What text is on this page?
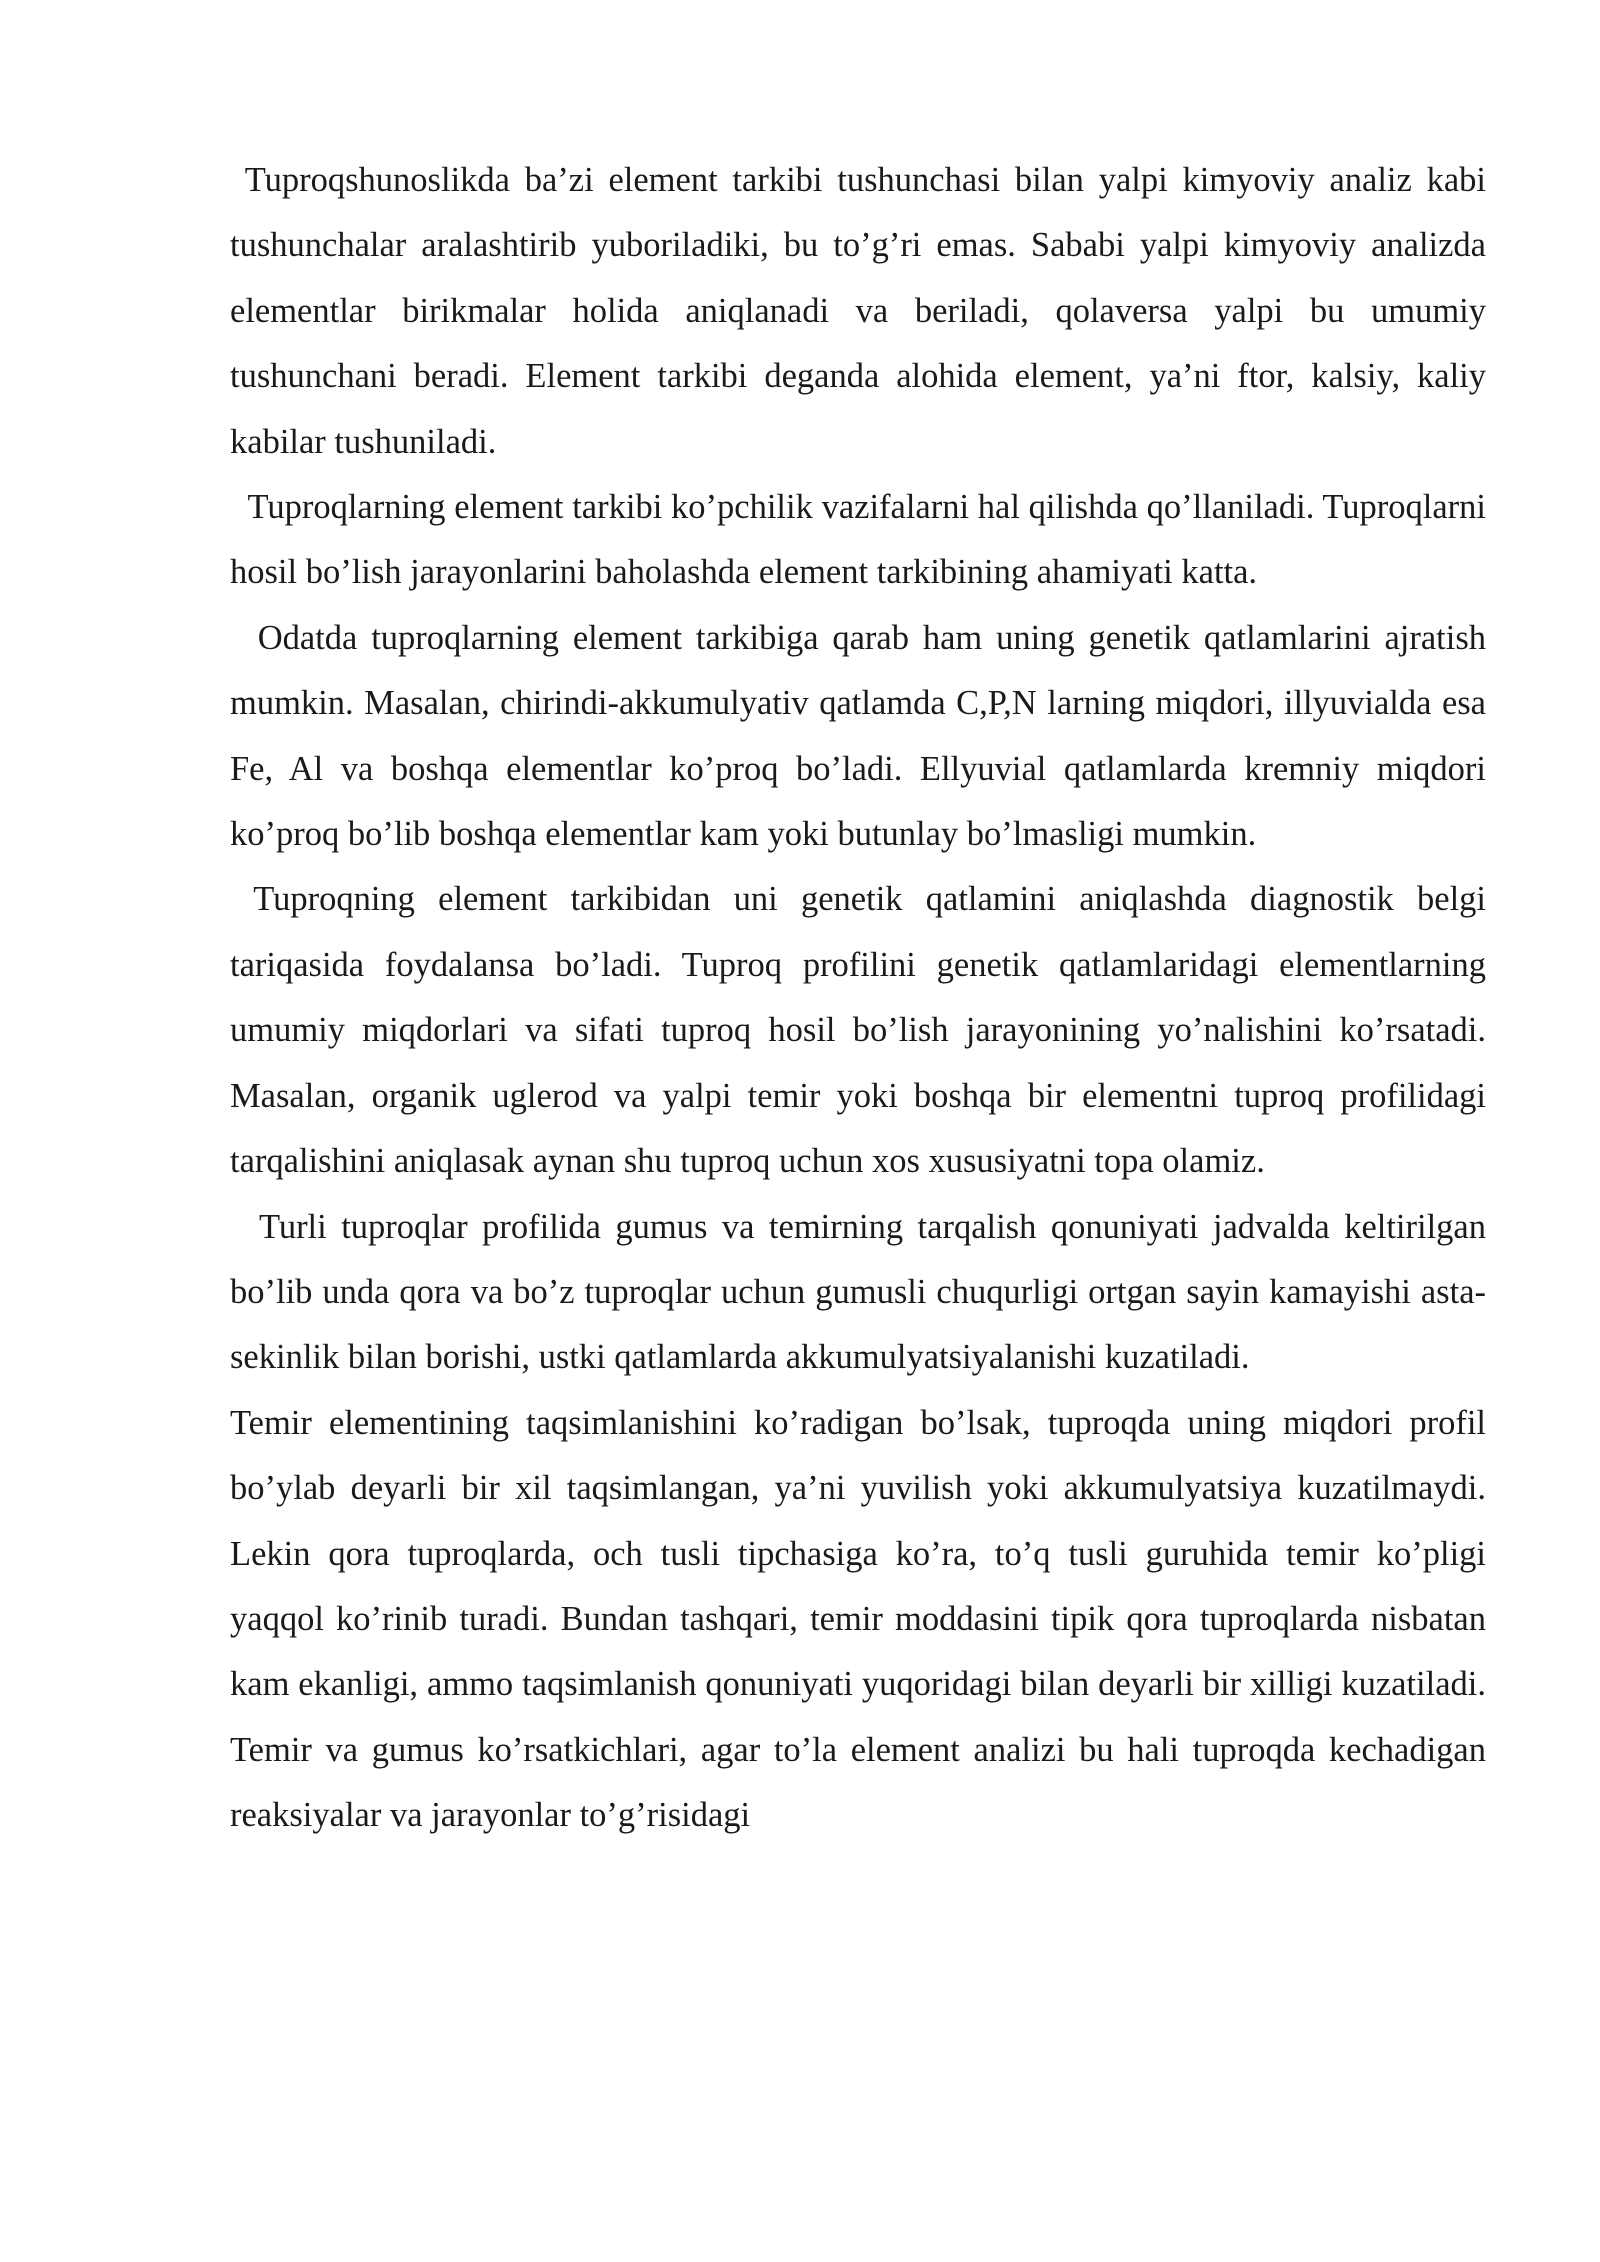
Tuproqshunoslikda ba’zi element tarkibi tushunchasi bilan yalpi kimyoviy analiz kabi tushunchalar aralashtirib yuboriladiki, bu to’g’ri emas. Sababi yalpi kimyoviy analizda elementlar birikmalar holida aniqlanadi va beriladi, qolaversa yalpi bu umumiy tushunchani beradi. Element tarkibi deganda alohida element, ya’ni ftor, kalsiy, kaliy kabilar tushuniladi.

Tuproqlarning element tarkibi ko’pchilik vazifalarni hal qilishda qo’llaniladi. Tuproqlarni hosil bo’lish jarayonlarini baholashda element tarkibining ahamiyati katta.

Odatda tuproqlarning element tarkibiga qarab ham uning genetik qatlamlarini ajratish mumkin. Masalan, chirindi-akkumulyativ qatlamda C,P,N larning miqdori, illyuvialda esa Fe, Al va boshqa elementlar ko’proq bo’ladi. Ellyuvial qatlamlarda kremniy miqdori ko’proq bo’lib boshqa elementlar kam yoki butunlay bo’lmasligi mumkin.

Tuproqning element tarkibidan uni genetik qatlamini aniqlashda diagnostik belgi tariqasida foydalansa bo’ladi. Tuproq profilini genetik qatlamlaridagi elementlarning umumiy miqdorlari va sifati tuproq hosil bo’lish jarayonining yo’nalishini ko’rsatadi. Masalan, organik uglerod va yalpi temir yoki boshqa bir elementni tuproq profilidagi tarqalishini aniqlasak aynan shu tuproq uchun xos xususiyatni topa olamiz.

Turli tuproqlar profilida gumus va temirning tarqalish qonuniyati jadvalda keltirilgan bo’lib unda qora va bo’z tuproqlar uchun gumusli chuqurligi ortgan sayin kamayishi asta-sekinlik bilan borishi, ustki qatlamlarda akkumulyatsiyalanishi kuzatiladi.

Temir elementining taqsimlanishini ko’radigan bo’lsak, tuproqda uning miqdori profil bo’ylab deyarli bir xil taqsimlangan, ya’ni yuvilish yoki akkumulyatsiya kuzatilmaydi. Lekin qora tuproqlarda, och tusli tipchasiga ko’ra, to’q tusli guruhida temir ko’pligi yaqqol ko’rinib turadi. Bundan tashqari, temir moddasini tipik qora tuproqlarda nisbatan kam ekanligi, ammo taqsimlanish qonuniyati yuqoridagi bilan deyarli bir xilligi kuzatiladi. Temir va gumus ko’rsatkichlari, agar to’la element analizi bu hali tuproqda kechadigan reaksiyalar va jarayonlar to’g’risidagi
